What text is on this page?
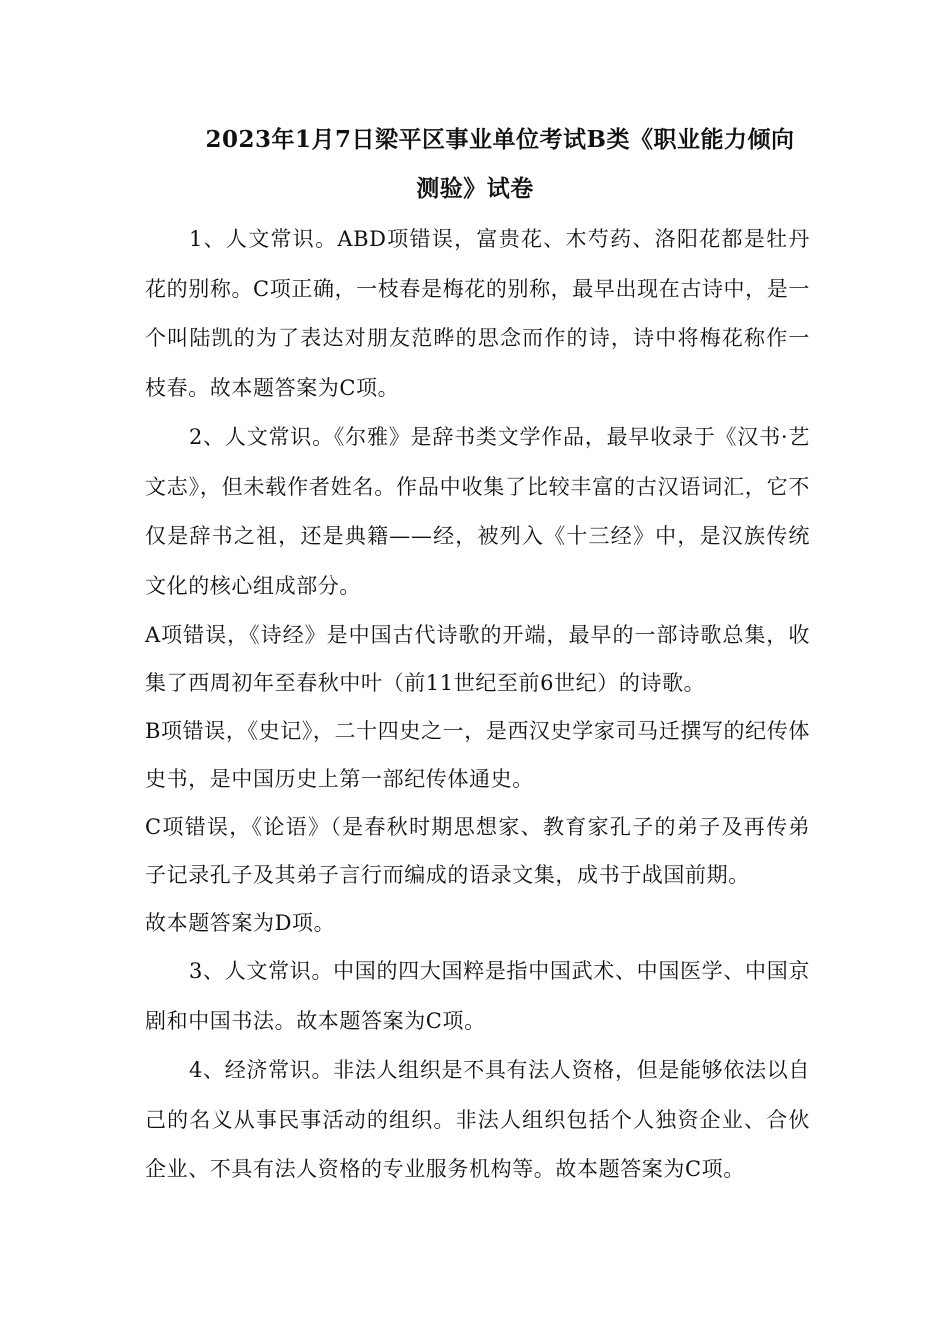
2023年1月7日梁平区事业单位考试B类《职业能力倾向
测验》试卷

1、人文常识。ABD项错误，富贵花、木芍药、洛阳花都是牡丹花的别称。C项正确，一枝春是梅花的别称，最早出现在古诗中，是一个叫陆凯的为了表达对朋友范晔的思念而作的诗，诗中将梅花称作一枝春。故本题答案为C项。

2、人文常识。《尔雅》是辞书类文学作品，最早收录于《汉书·艺文志》，但未载作者姓名。作品中收集了比较丰富的古汉语词汇，它不仅是辞书之祖，还是典籍——经，被列入《十三经》中，是汉族传统文化的核心组成部分。

A项错误，《诗经》是中国古代诗歌的开端，最早的一部诗歌总集，收集了西周初年至春秋中叶（前11世纪至前6世纪）的诗歌。

B项错误，《史记》，二十四史之一，是西汉史学家司马迁撰写的纪传体史书，是中国历史上第一部纪传体通史。

C项错误，《论语》（是春秋时期思想家、教育家孔子的弟子及再传弟子记录孔子及其弟子言行而编成的语录文集，成书于战国前期。

故本题答案为D项。

3、人文常识。中国的四大国粹是指中国武术、中国医学、中国京剧和中国书法。故本题答案为C项。

4、经济常识。非法人组织是不具有法人资格，但是能够依法以自己的名义从事民事活动的组织。非法人组织包括个人独资企业、合伙企业、不具有法人资格的专业服务机构等。故本题答案为C项。
